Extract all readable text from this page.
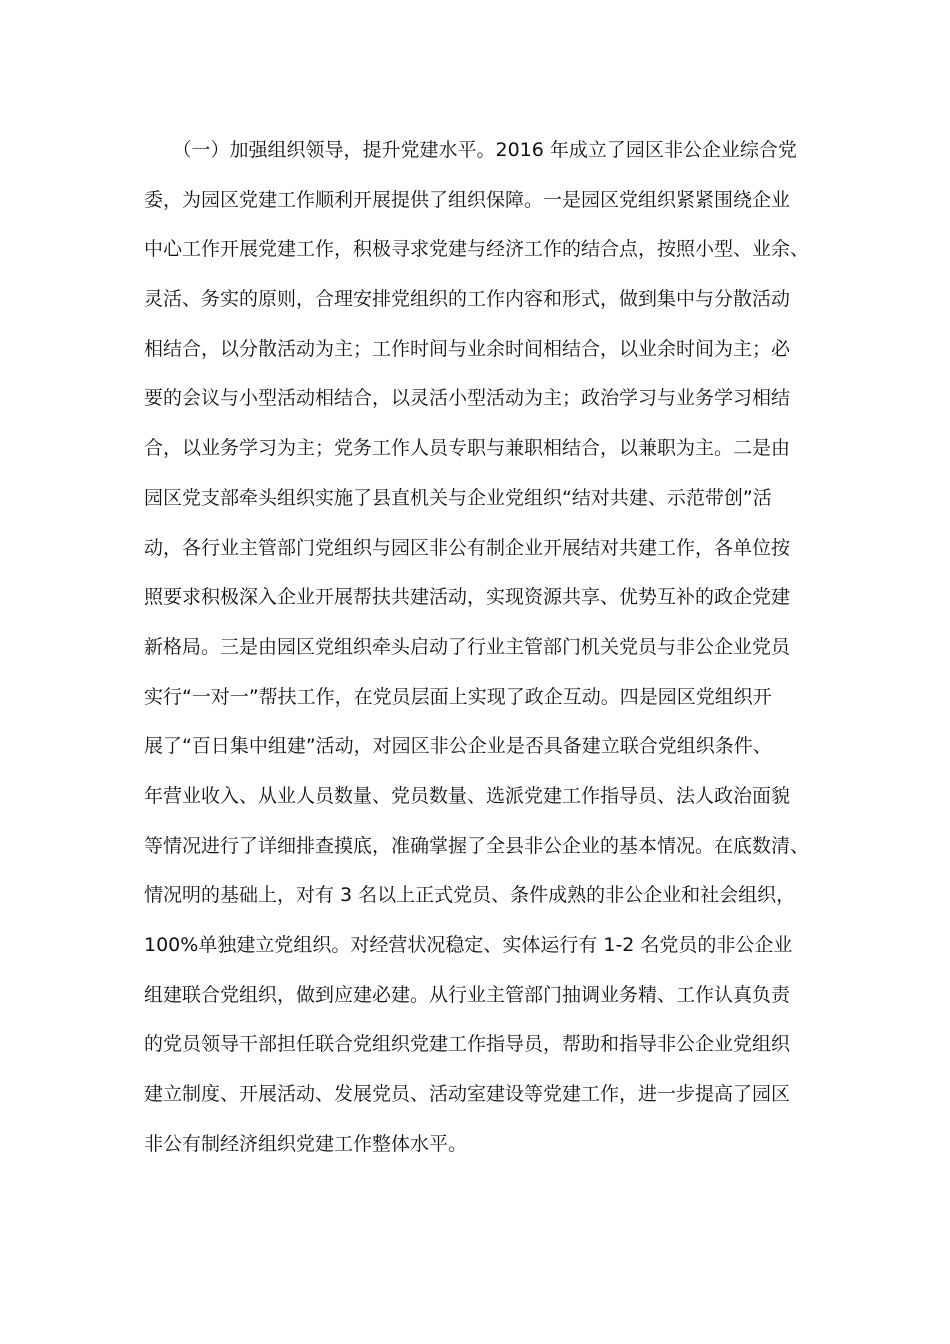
　　（一）加强组织领导，提升党建水平。2016 年成立了园区非公企业综合党
委，为园区党建工作顺利开展提供了组织保障。一是园区党组织紧紧围绕企业
中心工作开展党建工作，积极寻求党建与经济工作的结合点，按照小型、业余、
灵活、务实的原则，合理安排党组织的工作内容和形式，做到集中与分散活动
相结合，以分散活动为主；工作时间与业余时间相结合，以业余时间为主；必
要的会议与小型活动相结合，以灵活小型活动为主；政治学习与业务学习相结
合，以业务学习为主；党务工作人员专职与兼职相结合，以兼职为主。二是由
园区党支部牵头组织实施了县直机关与企业党组织“结对共建、示范带创”活
动，各行业主管部门党组织与园区非公有制企业开展结对共建工作，各单位按
照要求积极深入企业开展帮扶共建活动，实现资源共享、优势互补的政企党建
新格局。三是由园区党组织牵头启动了行业主管部门机关党员与非公企业党员
实行“一对一”帮扶工作，在党员层面上实现了政企互动。四是园区党组织开
展了“百日集中组建”活动，对园区非公企业是否具备建立联合党组织条件、
年营业收入、从业人员数量、党员数量、选派党建工作指导员、法人政治面貌
等情况进行了详细排查摸底，准确掌握了全县非公企业的基本情况。在底数清、
情况明的基础上，对有 3 名以上正式党员、条件成熟的非公企业和社会组织，
100%单独建立党组织。对经营状况稳定、实体运行有 1-2 名党员的非公企业
组建联合党组织，做到应建必建。从行业主管部门抽调业务精、工作认真负责
的党员领导干部担任联合党组织党建工作指导员，帮助和指导非公企业党组织
建立制度、开展活动、发展党员、活动室建设等党建工作，进一步提高了园区
非公有制经济组织党建工作整体水平。
